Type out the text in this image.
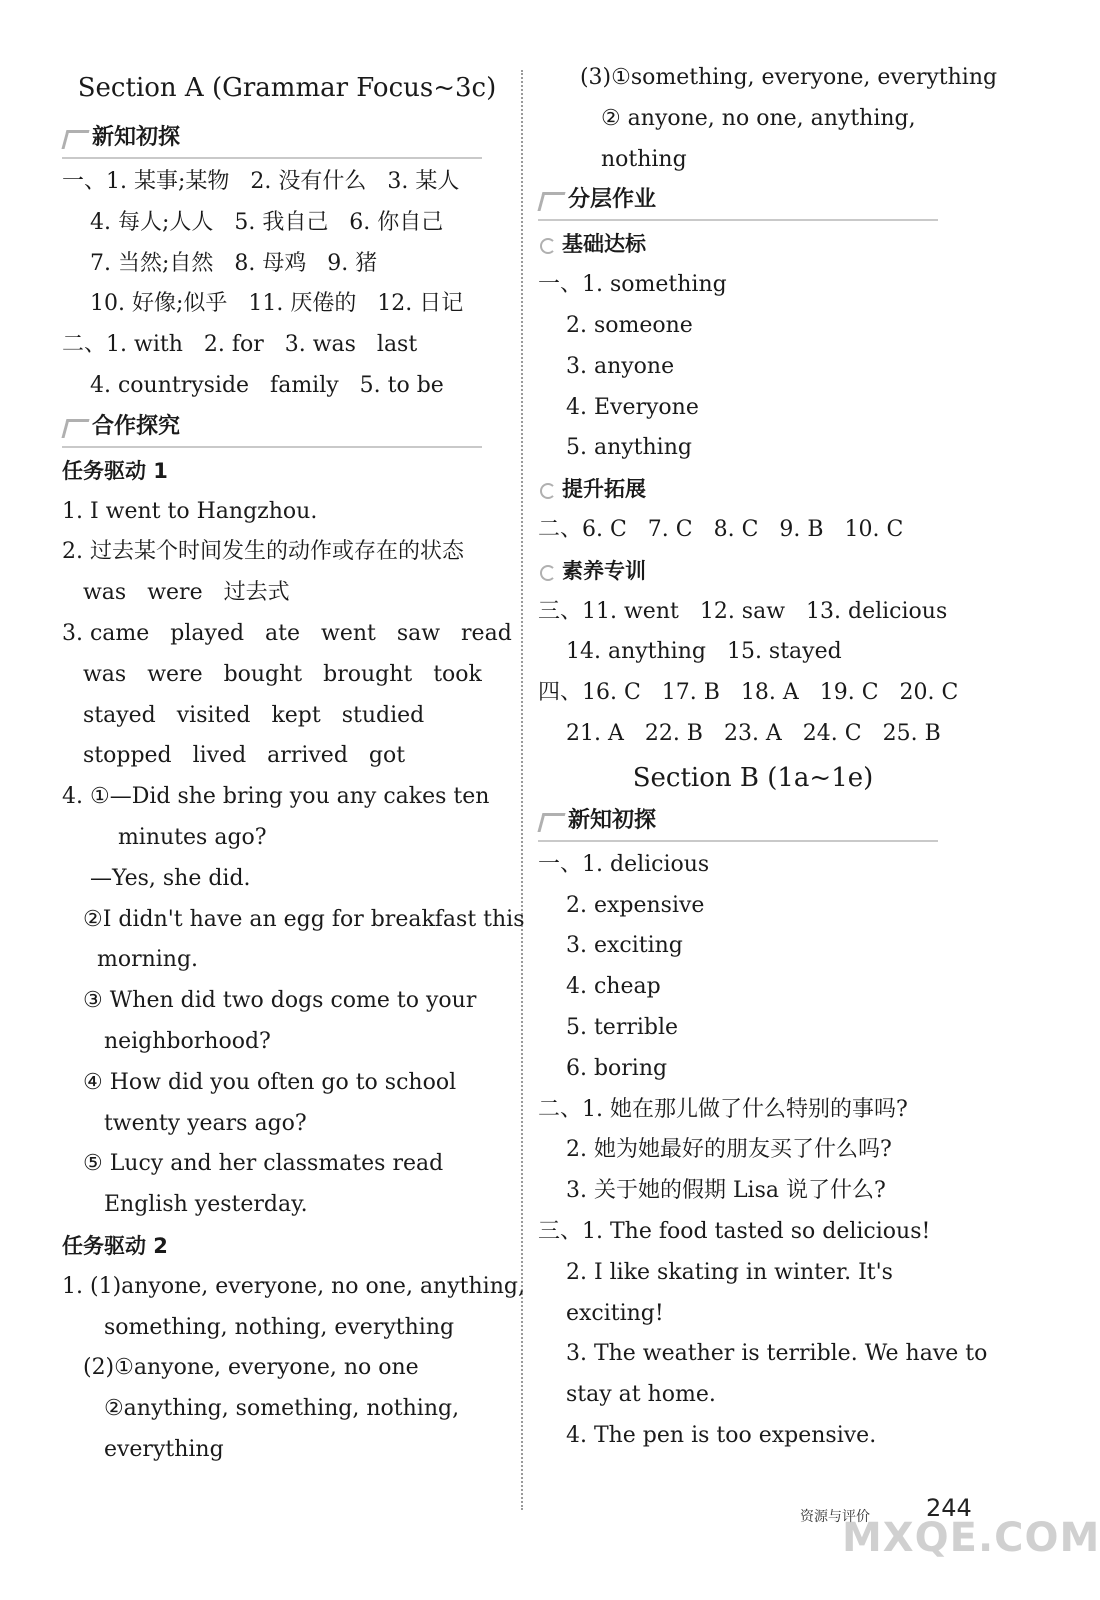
Section A (Grammar Focus~3c)
新知初探
一、1. 某事;某物   2. 没有什么   3. 某人
4. 每人;人人   5. 我自己   6. 你自己
7. 当然;自然   8. 母鸡   9. 猪
10. 好像;似乎   11. 厌倦的   12. 日记
二、1. with   2. for   3. was   last
4. countryside   family   5. to be
合作探究
任务驱动 1
1. I went to Hangzhou.
2. 过去某个时间发生的动作或存在的状态
was   were   过去式
3. came   played   ate   went   saw   read
was   were   bought   brought   took
stayed   visited   kept   studied
stopped   lived   arrived   got
4. ①—Did she bring you any cakes ten
minutes ago?
—Yes, she did.
②I didn't have an egg for breakfast this
morning.
③ When did two dogs come to your
neighborhood?
④ How did you often go to school
twenty years ago?
⑤ Lucy and her classmates read
English yesterday.
任务驱动 2
1. (1)anyone, everyone, no one, anything,
something, nothing, everything
(2)①anyone, everyone, no one
②anything, something, nothing,
everything
(3)①something, everyone, everything
② anyone, no one, anything,
nothing
分层作业
基础达标
一、1. something
2. someone
3. anyone
4. Everyone
5. anything
提升拓展
二、6. C   7. C   8. C   9. B   10. C
素养专训
三、11. went   12. saw   13. delicious
14. anything   15. stayed
四、16. C   17. B   18. A   19. C   20. C
21. A   22. B   23. A   24. C   25. B
Section B (1a~1e)
新知初探
一、1. delicious
2. expensive
3. exciting
4. cheap
5. terrible
6. boring
二、1. 她在那儿做了什么特别的事吗?
2. 她为她最好的朋友买了什么吗?
3. 关于她的假期 Lisa 说了什么?
三、1. The food tasted so delicious!
2. I like skating in winter. It's
exciting!
3. The weather is terrible. We have to
stay at home.
4. The pen is too expensive.
资源与评价 244
MXQE.COM
